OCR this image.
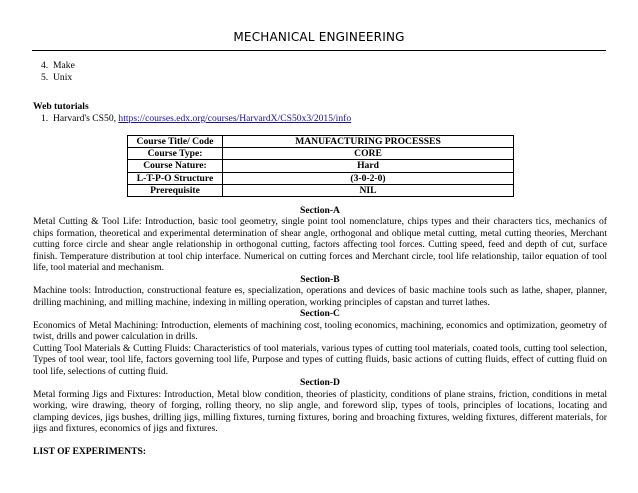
MECHANICAL ENGINEERING
4. Make
5. Unix
Web tutorials
1. Harvard's CS50, https://courses.edx.org/courses/HarvardX/CS50x3/2015/info
Course Title/ Code	MANUFACTURING PROCESSES
Course Type:	CORE
Course Nature:	Hard
L-T-P-O Structure	(3-0-2-0)
Prerequisite	NIL
Section-A

Metal Cutting & Tool Life: Introduction, basic tool geometry, single point tool nomenclature, chips types and their characters tics, mechanics of chips formation, theoretical and experimental determination of shear angle, orthogonal and oblique metal cutting, metal cutting theories, Merchant cutting force circle and shear angle relationship in orthogonal cutting, factors affecting tool forces. Cutting speed, feed and depth of cut, surface finish. Temperature distribution at tool chip interface. Numerical on cutting forces and Merchant circle, tool life relationship, tailor equation of tool life, tool material and mechanism.

Section-B

Machine tools: Introduction, constructional feature es, specialization, operations and devices of basic machine tools such as lathe, shaper, planner, drilling machining, and milling machine, indexing in milling operation, working principles of capstan and turret lathes.

Section-C

Economics of Metal Machining: Introduction, elements of machining cost, tooling economics, machining, economics and optimization, geometry of twist, drills and power calculation in drills.

Cutting Tool Materials & Cutting Fluids: Characteristics of tool materials, various types of cutting tool materials, coated tools, cutting tool selection, Types of tool wear, tool life, factors governing tool life, Purpose and types of cutting fluids, basic actions of cutting fluids, effect of cutting fluid on tool life, selections of cutting fluid.

Section-D

Metal forming Jigs and Fixtures: Introduction, Metal blow condition, theories of plasticity, conditions of plane strains, friction, conditions in metal working, wire drawing, theory of forging, rolling theory, no slip angle, and foreword slip, types of tools, principles of locations, locating and clamping devices, jigs bushes, drilling jigs, milling fixtures, turning fixtures, boring and broaching fixtures, welding fixtures, different materials, for jigs and fixtures, economics of jigs and fixtures.

LIST OF EXPERIMENTS:
